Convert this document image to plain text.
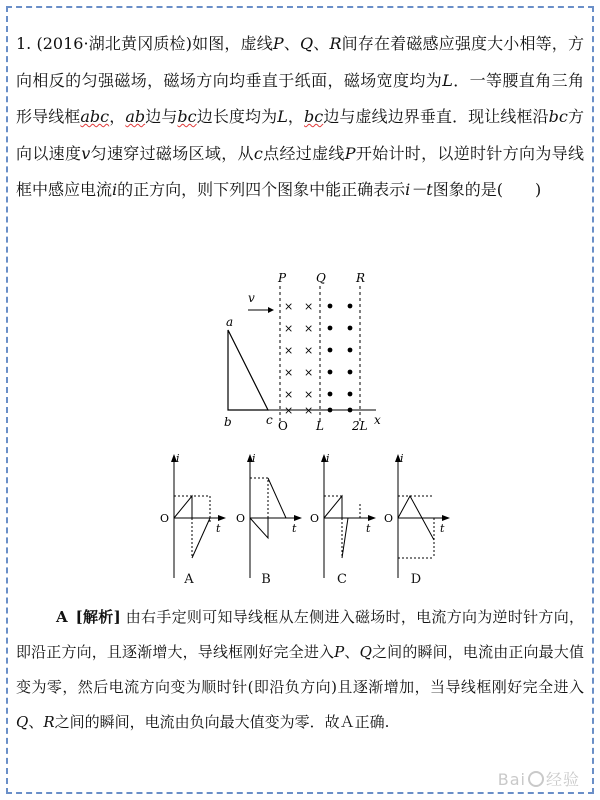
1. (2016·湖北黄冈质检)如图，虚线P、Q、R间存在着磁感应强度大小相等，方向相反的匀强磁场，磁场方向均垂直于纸面，磁场宽度均为L．一等腰直角三角形导线框abc，ab边与bc边长度均为L，bc边与虚线边界垂直．现让线框沿bc方向以速度v匀速穿过磁场区域，从c点经过虚线P开始计时，以逆时针方向为导线框中感应电流i的正方向，则下列四个图象中能正确表示i－t图象的是(　　)
v
a
b	c
P Q	R
O L 2L x
× ×
× ×
× ×
× ×
× ×
× ×
i
t
O
A
i
t
O
B
i
t
O
C
i
t
O
D
A [解析] 由右手定则可知导线框从左侧进入磁场时，电流方向为逆时针方向，即沿正方向，且逐渐增大，导线框刚好完全进入P、Q之间的瞬间，电流由正向最大值变为零，然后电流方向变为顺时针(即沿负方向)且逐渐增加，当导线框刚好完全进入Q、R之间的瞬间，电流由负向最大值变为零．故Ａ正确.
Bai 经验
